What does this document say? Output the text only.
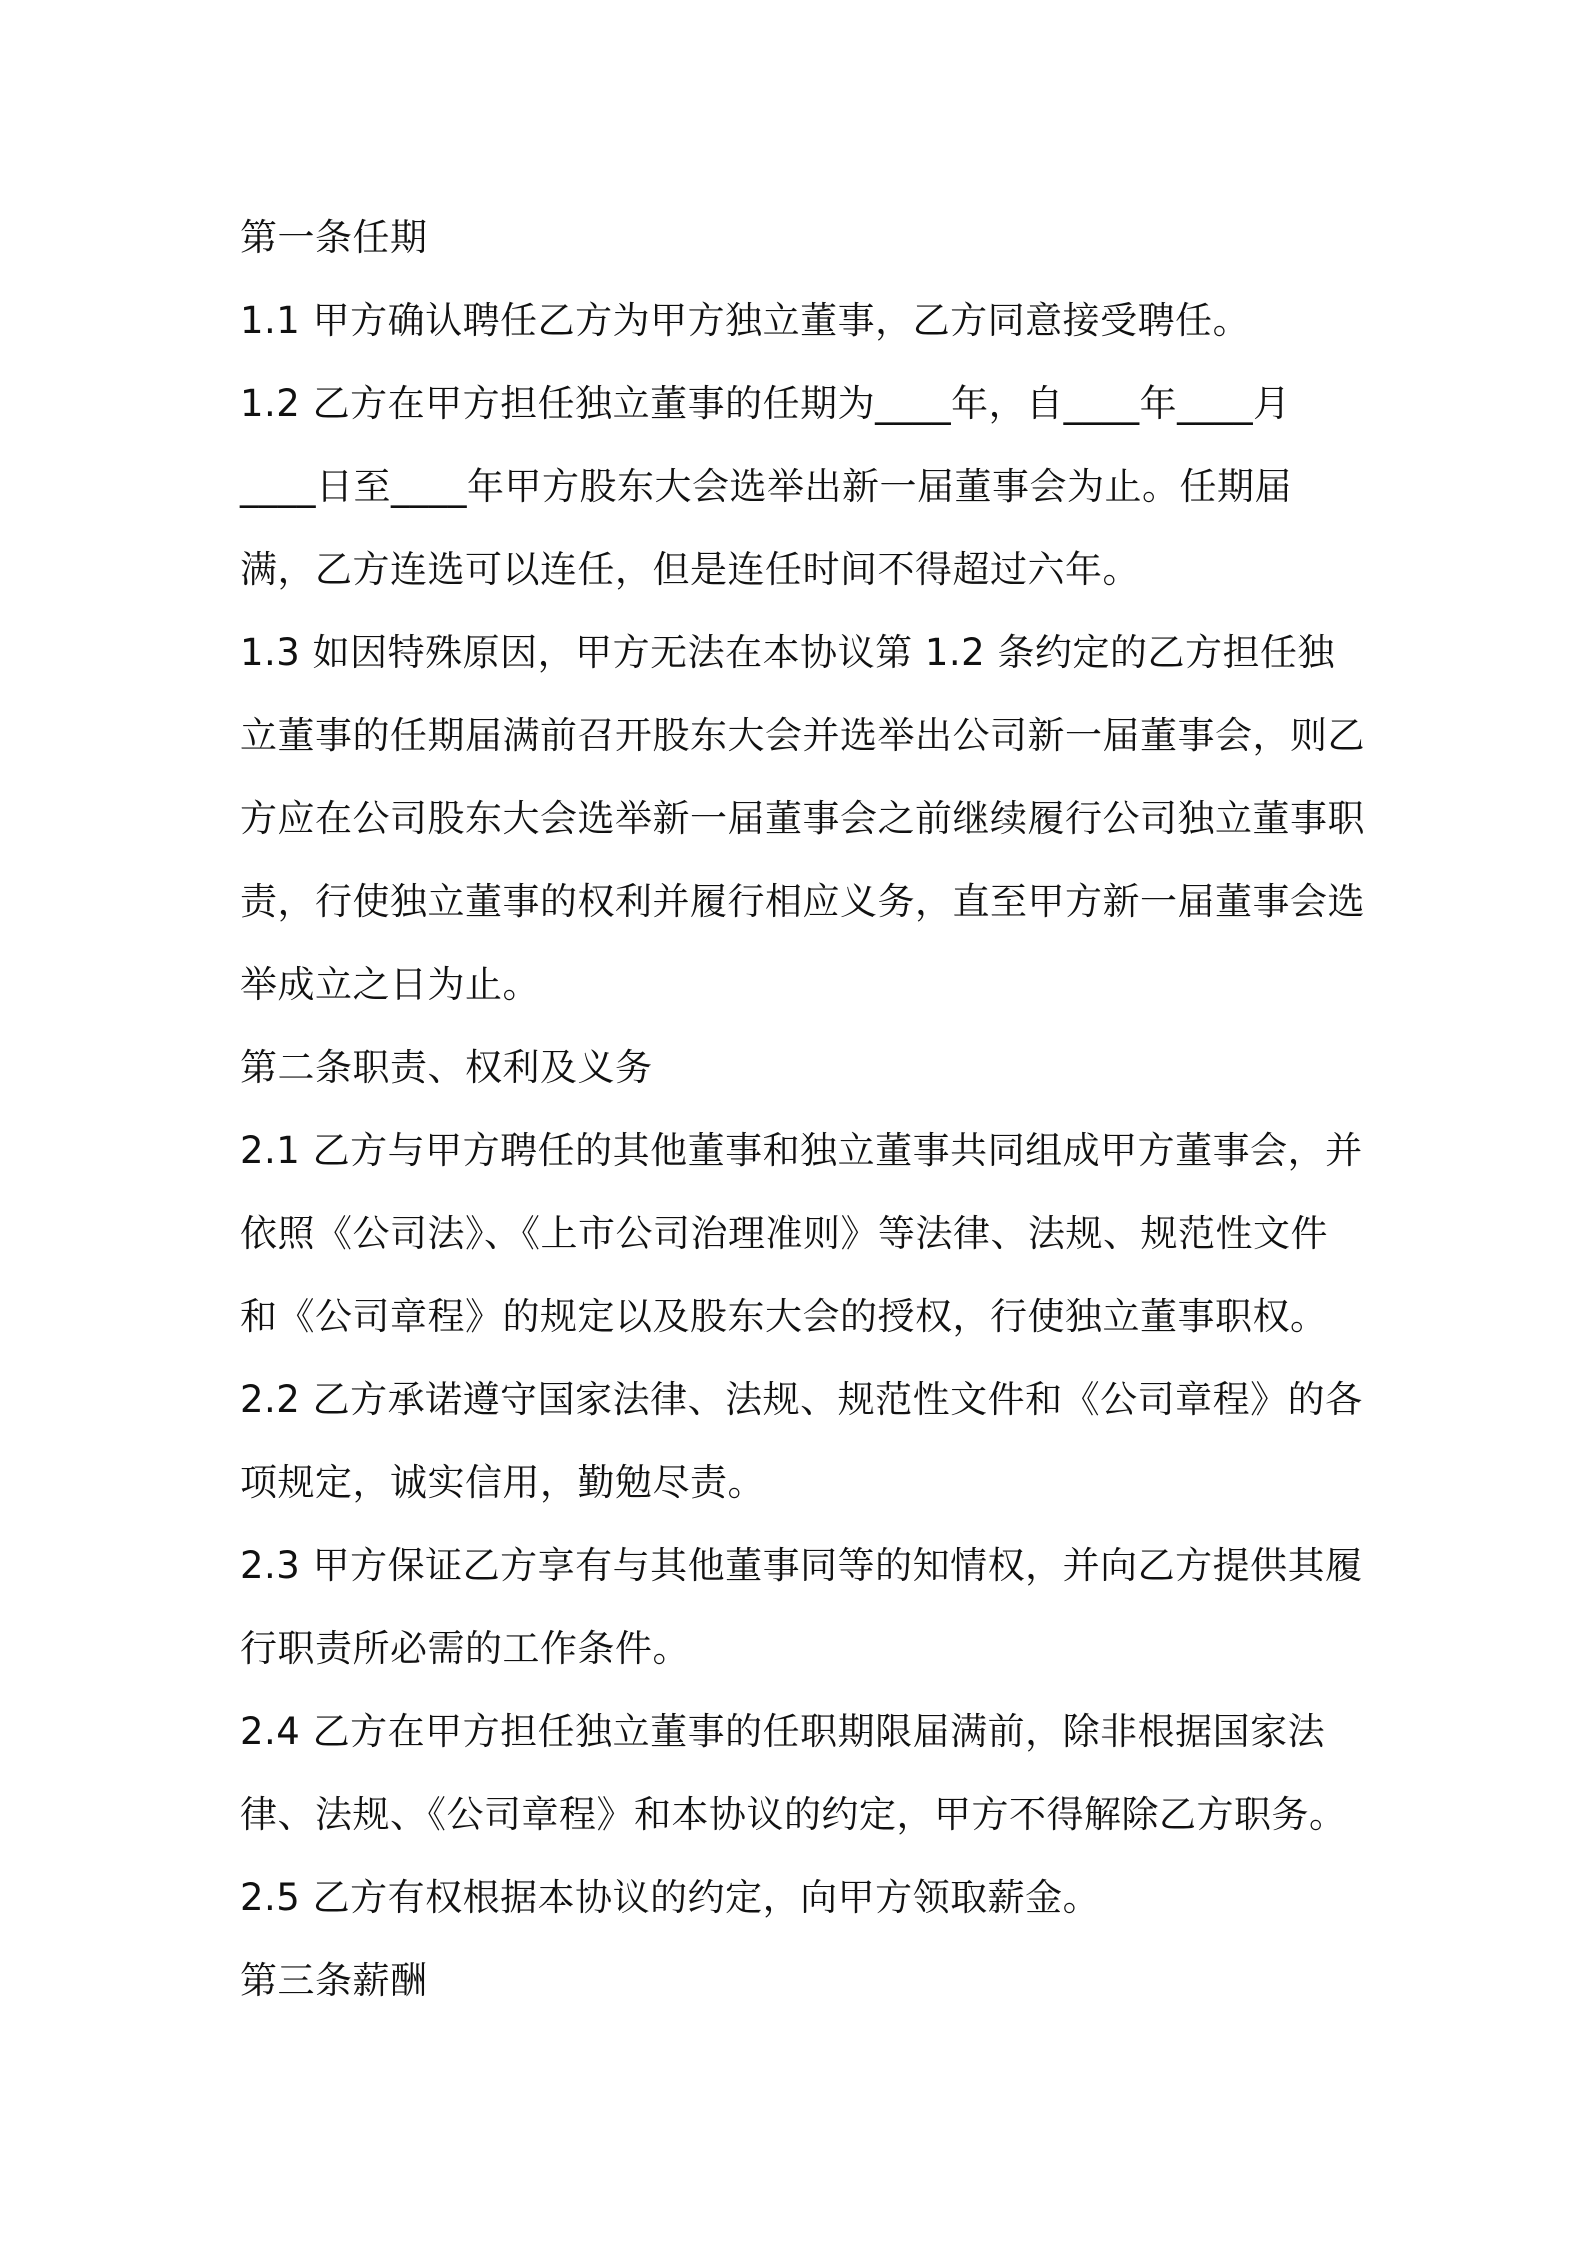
第一条任期

1.1 甲方确认聘任乙方为甲方独立董事，乙方同意接受聘任。

1.2 乙方在甲方担任独立董事的任期为____年，自____年____月____日至____年甲方股东大会选举出新一届董事会为止。任期届满，乙方连选可以连任，但是连任时间不得超过六年。

1.3 如因特殊原因，甲方无法在本协议第 1.2 条约定的乙方担任独立董事的任期届满前召开股东大会并选举出公司新一届董事会，则乙方应在公司股东大会选举新一届董事会之前继续履行公司独立董事职责，行使独立董事的权利并履行相应义务，直至甲方新一届董事会选举成立之日为止。

第二条职责、权利及义务

2.1 乙方与甲方聘任的其他董事和独立董事共同组成甲方董事会，并依照《公司法》、《上市公司治理准则》等法律、法规、规范性文件和《公司章程》的规定以及股东大会的授权，行使独立董事职权。

2.2 乙方承诺遵守国家法律、法规、规范性文件和《公司章程》的各项规定，诚实信用，勤勉尽责。

2.3 甲方保证乙方享有与其他董事同等的知情权，并向乙方提供其履行职责所必需的工作条件。

2.4 乙方在甲方担任独立董事的任职期限届满前，除非根据国家法律、法规、《公司章程》和本协议的约定，甲方不得解除乙方职务。

2.5 乙方有权根据本协议的约定，向甲方领取薪金。

第三条薪酬
